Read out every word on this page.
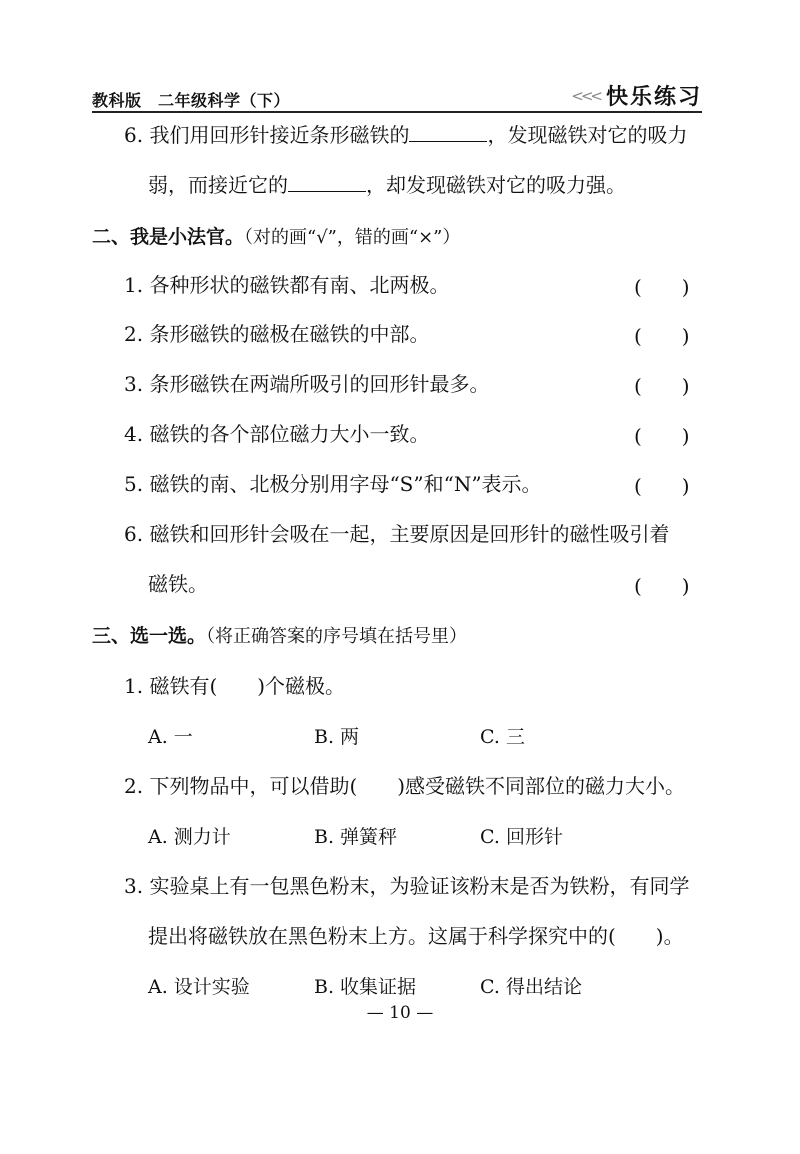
教科版　二年级科学（下）	<<< 快乐练习
6. 我们用回形针接近条形磁铁的	，发现磁铁对它的吸力
弱，而接近它的	，却发现磁铁对它的吸力强。
二、我是小法官。（对的画“√”，错的画“×”）
1. 各种形状的磁铁都有南、北两极。	(　　)
2. 条形磁铁的磁极在磁铁的中部。	(　　)
3. 条形磁铁在两端所吸引的回形针最多。	(　　)
4. 磁铁的各个部位磁力大小一致。	(　　)
5. 磁铁的南、北极分别用字母“S”和“N”表示。	(　　)
6. 磁铁和回形针会吸在一起，主要原因是回形针的磁性吸引着
磁铁。	(　　)
三、选一选。（将正确答案的序号填在括号里）
1. 磁铁有(　　)个磁极。
A. 一	B. 两	C. 三
2. 下列物品中，可以借助(　　)感受磁铁不同部位的磁力大小。
A. 测力计	B. 弹簧秤	C. 回形针
3. 实验桌上有一包黑色粉末，为验证该粉末是否为铁粉，有同学
提出将磁铁放在黑色粉末上方。这属于科学探究中的(　　)。
A. 设计实验	B. 收集证据	C. 得出结论
— 10 —
